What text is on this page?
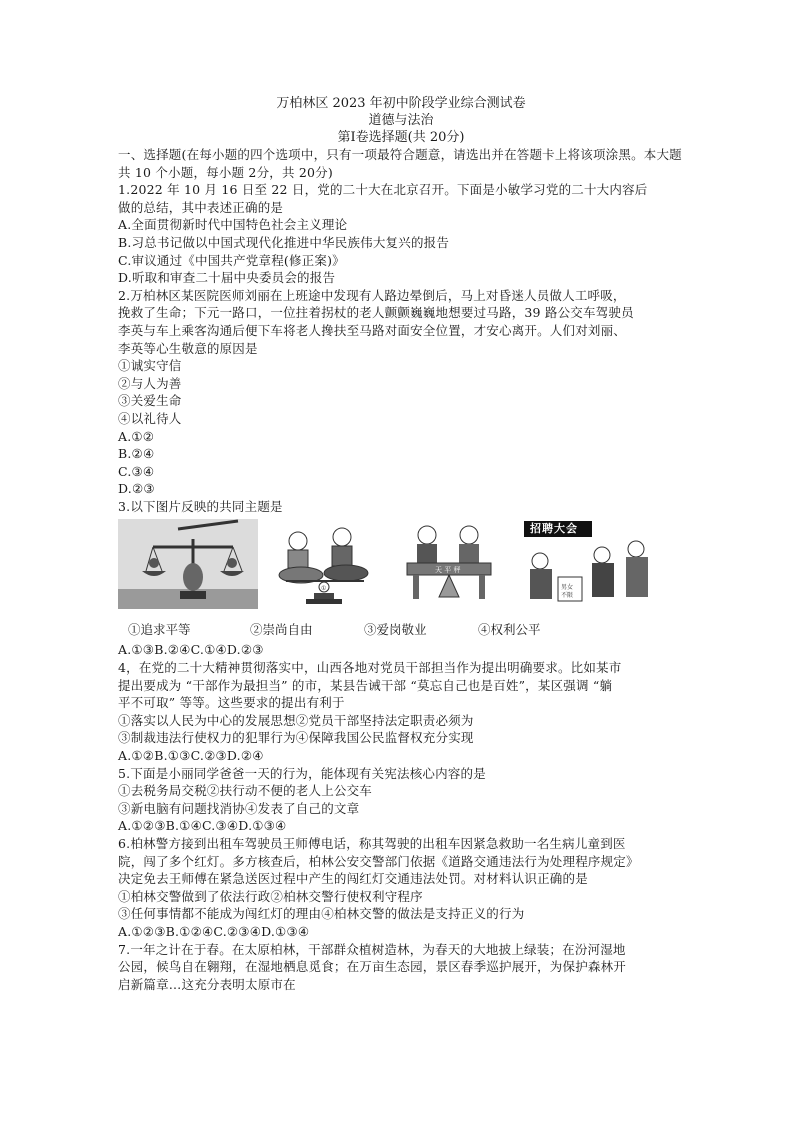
万柏林区 2023 年初中阶段学业综合测试卷
道德与法治
第Ⅰ卷选择题(共 20分)

一、选择题(在每小题的四个选项中，只有一项最符合题意，请选出并在答题卡上将该项涂黑。本大题共 10 个小题，每小题 2分，共 20分)

1.2022 年 10 月 16 日至 22 日，党的二十大在北京召开。下面是小敏学习党的二十大内容后

做的总结，其中表述正确的是

A.全面贯彻新时代中国特色社会主义理论

B.习总书记做以中国式现代化推进中华民族伟大复兴的报告

C.审议通过《中国共产党章程(修正案)》

D.听取和审查二十届中央委员会的报告

2.万柏林区某医院医师刘丽在上班途中发现有人路边晕倒后，马上对昏迷人员做人工呼吸，

挽救了生命；下元一路口，一位拄着拐杖的老人颤颤巍巍地想要过马路，39 路公交车驾驶员

李英与车上乘客沟通后便下车将老人搀扶至马路对面安全位置，才安心离开。人们对刘丽、

李英等心生敬意的原因是

①诚实守信

②与人为善

③关爱生命

④以礼待人

A.①②

B.②④

C.③④

D.②③

3.以下图片反映的共同主题是

①
天 平 秤
男女
不限
招聘大会
①追求平等	②崇尚自由	③爱岗敬业	④权利公平

A.①③B.②④C.①④D.②③

4，在党的二十大精神贯彻落实中，山西各地对党员干部担当作为提出明确要求。比如某市

提出要成为 “干部作为最担当” 的市，某县告诫干部 “莫忘自己也是百姓”，某区强调 “躺

平不可取” 等等。这些要求的提出有利于

①落实以人民为中心的发展思想②党员干部坚持法定职责必须为

③制裁违法行使权力的犯罪行为④保障我国公民监督权充分实现

A.①②B.①③C.②③D.②④

5.下面是小丽同学爸爸一天的行为，能体现有关宪法核心内容的是

①去税务局交税②扶行动不便的老人上公交车

③新电脑有问题找消协④发表了自己的文章

A.①②③B.①④C.③④D.①③④

6.柏林警方接到出租车驾驶员王师傅电话，称其驾驶的出租车因紧急救助一名生病儿童到医

院，闯了多个红灯。多方核查后，柏林公安交警部门依据《道路交通违法行为处理程序规定》

决定免去王师傅在紧急送医过程中产生的闯红灯交通违法处罚。对材料认识正确的是

①柏林交警做到了依法行政②柏林交警行使权利守程序

③任何事情都不能成为闯红灯的理由④柏林交警的做法是支持正义的行为

A.①②③B.①②④C.②③④D.①③④

7.一年之计在于春。在太原柏林，干部群众植树造林，为春天的大地披上绿装；在汾河湿地

公园，候鸟自在翱翔，在湿地栖息觅食；在万亩生态园，景区春季巡护展开，为保护森林开

启新篇章…这充分表明太原市在
